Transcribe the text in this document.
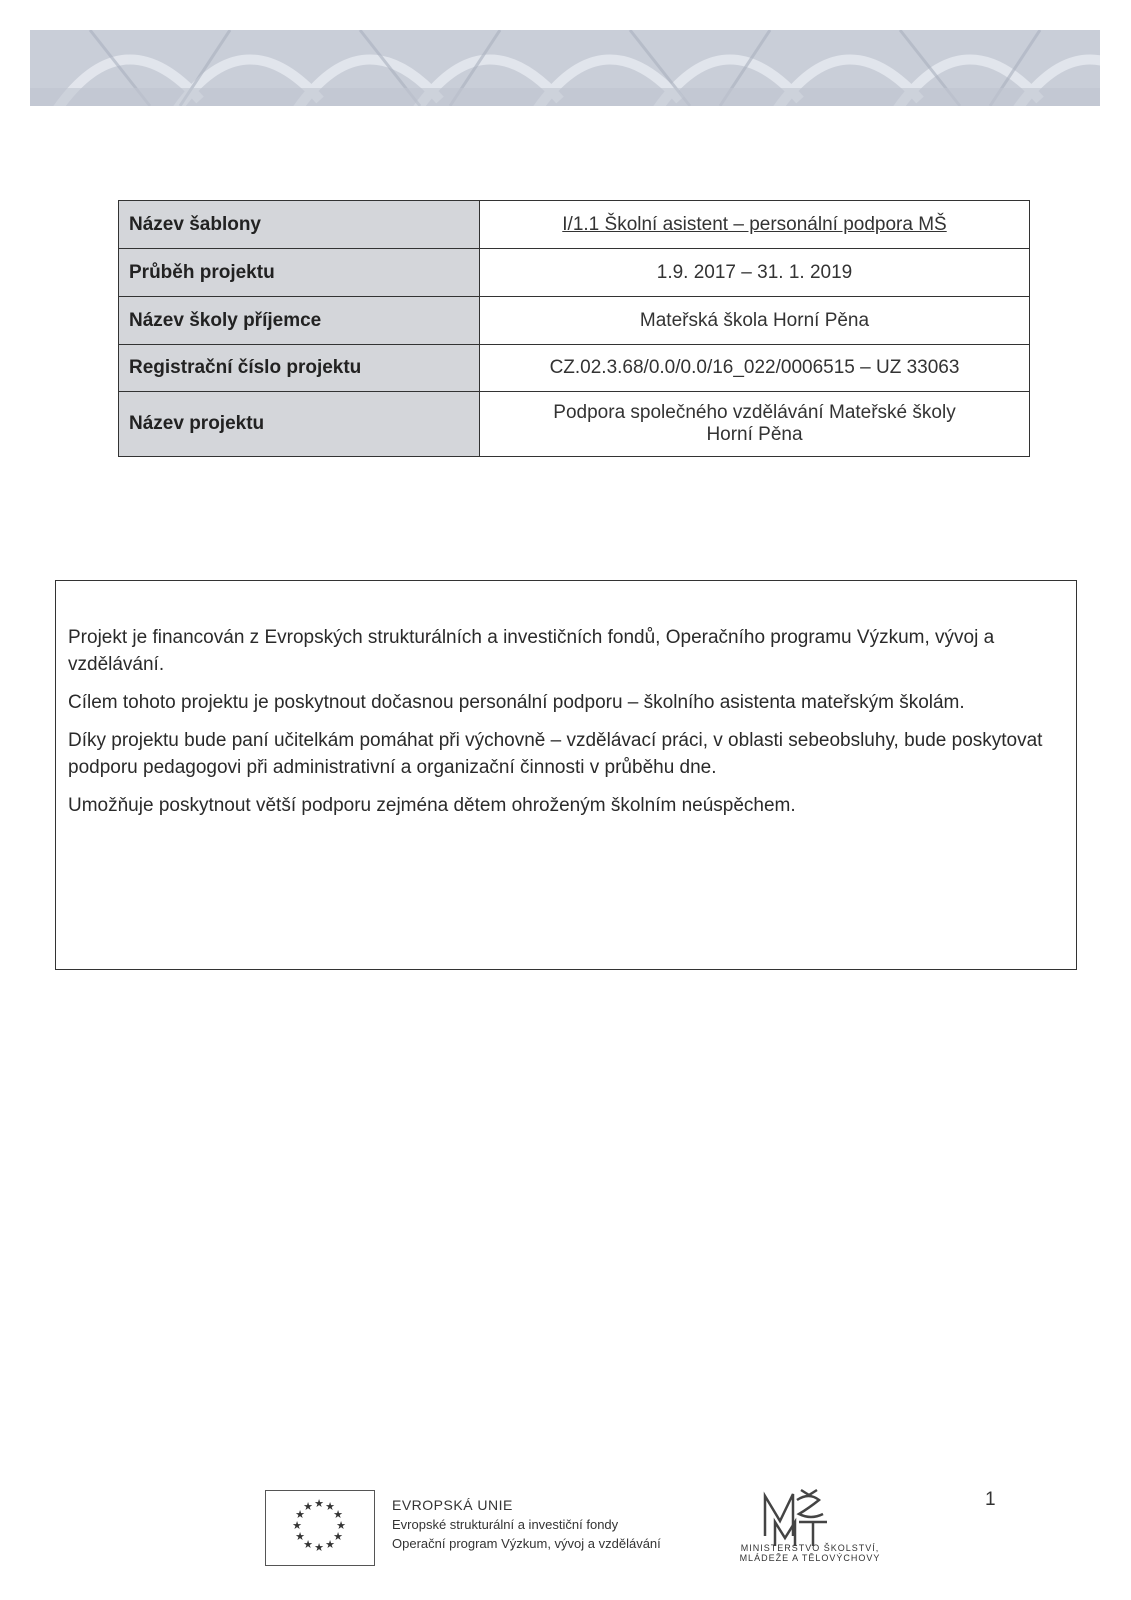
Název šablony	I/1.1 Školní asistent – personální podpora MŠ
Průběh projektu	1.9. 2017 – 31. 1. 2019
Název školy příjemce	Mateřská škola Horní Pěna
Registrační číslo projektu	CZ.02.3.68/0.0/0.0/16_022/0006515 – UZ 33063
Název projektu	Podpora společného vzdělávání Mateřské školy
Horní Pěna

Projekt je financován z Evropských strukturálních a investičních fondů, Operačního programu Výzkum, vývoj a vzdělávání.

Cílem tohoto projektu je poskytnout dočasnou personální podporu – školního asistenta mateřským školám.

Díky projektu bude paní učitelkám pomáhat při výchovně – vzdělávací práci, v oblasti sebeobsluhy, bude poskytovat podporu pedagogovi při administrativní a organizační činnosti v průběhu dne.

Umožňuje poskytnout větší podporu zejména dětem ohroženým školním neúspěchem.

★ ★
★
★
★
★
★
★
★
★
★
★	EVROPSKÁ UNIE
Evropské strukturální a investiční fondy
Operační program Výzkum, vývoj a vzdělávání	MINISTERSTVO ŠKOLSTVÍ,
MLÁDEŽE A TĚLOVÝCHOVY
1
